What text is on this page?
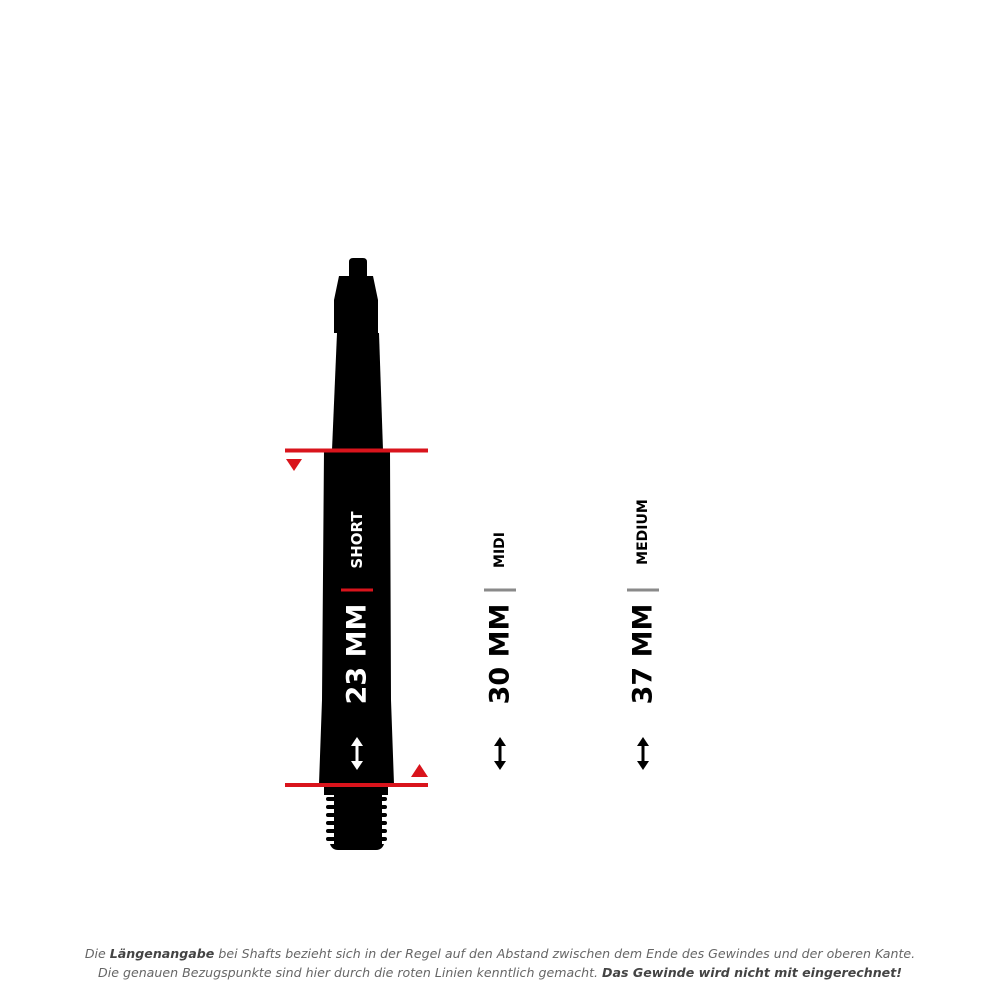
SHORT
23 MM
MIDI
30 MM
MEDIUM
37 MM
Die Längenangabe bei Shafts bezieht sich in der Regel auf den Abstand zwischen dem Ende des Gewindes und der oberen Kante.
Die genauen Bezugspunkte sind hier durch die roten Linien kenntlich gemacht. Das Gewinde wird nicht mit eingerechnet!
